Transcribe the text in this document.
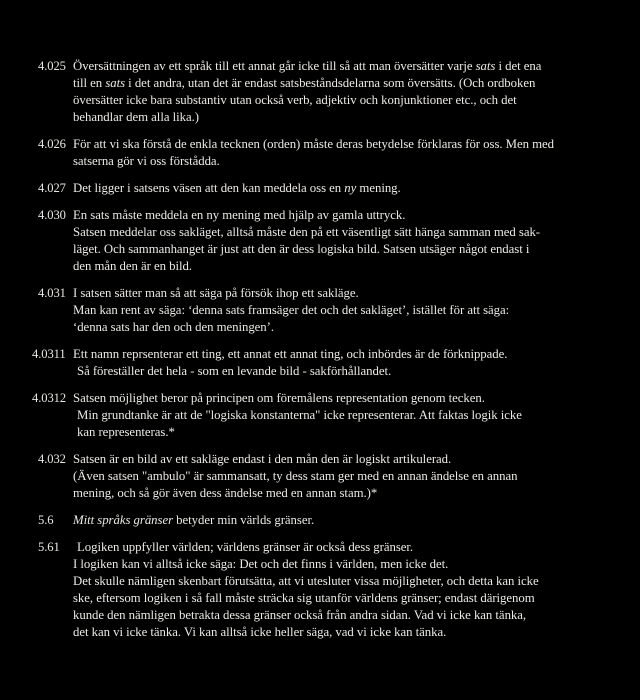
4.025 Översättningen av ett språk till ett annat går icke till så att man översätter varje sats i det ena
till en sats i det andra, utan det är endast satsbeståndsdelarna som översätts. (Och ordboken
översätter icke bara substantiv utan också verb, adjektiv och konjunktioner etc., och det
behandlar dem alla lika.)
4.026 För att vi ska förstå de enkla tecknen (orden) måste deras betydelse förklaras för oss. Men med
satserna gör vi oss förstådda.
4.027 Det ligger i satsens väsen att den kan meddela oss en ny mening.
4.030 En sats måste meddela en ny mening med hjälp av gamla uttryck.
Satsen meddelar oss sakläget, alltså måste den på ett väsentligt sätt hänga samman med sak-
läget. Och sammanhanget är just att den är dess logiska bild. Satsen utsäger något endast i
den mån den är en bild.
4.031 I satsen sätter man så att säga på försök ihop ett sakläge.
Man kan rent av säga: ‘denna sats framsäger det och det sakläget’, istället för att säga:
‘denna sats har den och den meningen’.
4.0311 Ett namn reprsenterar ett ting, ett annat ett annat ting, och inbördes är de förknippade.
Så föreställer det hela - som en levande bild - sakförhållandet.
4.0312 Satsen möjlighet beror på principen om föremålens representation genom tecken.
Min grundtanke är att de "logiska konstanterna" icke representerar. Att faktas logik icke
kan representeras.*
4.032 Satsen är en bild av ett sakläge endast i den mån den är logiskt artikulerad.
(Även satsen "ambulo" är sammansatt, ty dess stam ger med en annan ändelse en annan
mening, och så gör även dess ändelse med en annan stam.)*
5.6	Mitt språks gränser betyder min världs gränser.
5.61	Logiken uppfyller världen; världens gränser är också dess gränser.
I logiken kan vi alltså icke säga: Det och det finns i världen, men icke det.
Det skulle nämligen skenbart förutsätta, att vi utesluter vissa möjligheter, och detta kan icke
ske, eftersom logiken i så fall måste sträcka sig utanför världens gränser; endast därigenom
kunde den nämligen betrakta dessa gränser också från andra sidan. Vad vi icke kan tänka,
det kan vi icke tänka. Vi kan alltså icke heller säga, vad vi icke kan tänka.
